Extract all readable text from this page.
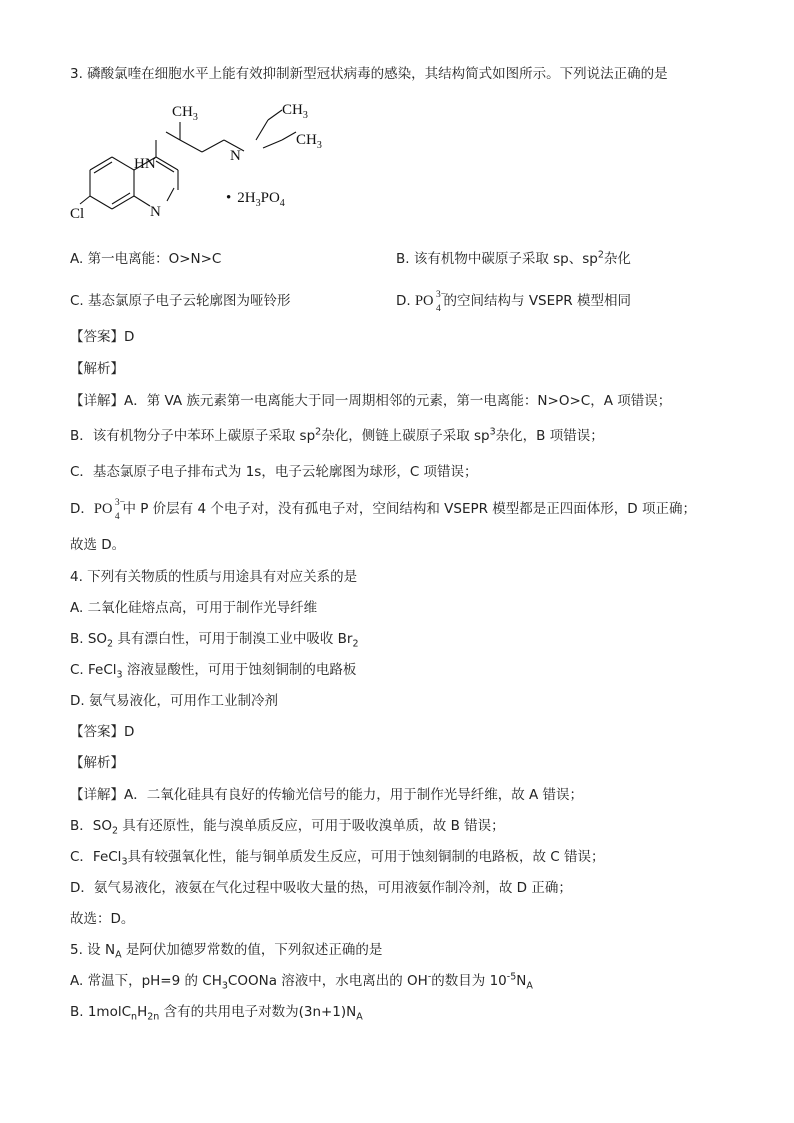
3. 磷酸氯喹在细胞水平上能有效抑制新型冠状病毒的感染，其结构简式如图所示。下列说法正确的是
N
$CH_3$	$CH_3$
$CH_3$
HN
N
Cl
• $2H_3PO_4$
A. 第一电离能：O>N>C	B. 该有机物中碳原子采取 sp、$sp^2$杂化
C. 基态氯原子电子云轮廓图为哑铃形	D. PO 3−
4 的空间结构与 VSEPR 模型相同
【答案】D
【解析】
【详解】A．第 VA 族元素第一电离能大于同一周期相邻的元素，第一电离能：N>O>C，A 项错误；
B．该有机物分子中苯环上碳原子采取 $sp^2$杂化，侧链上碳原子采取 $sp^3$杂化，B 项错误；
C．基态氯原子电子排布式为 1s，电子云轮廓图为球形，C 项错误；
D．PO 3−
4 中 P 价层有 4 个电子对，没有孤电子对，空间结构和 VSEPR 模型都是正四面体形，D 项正确；
故选 D。
4. 下列有关物质的性质与用途具有对应关系的是
A. 二氧化硅熔点高，可用于制作光导纤维
B. $SO_2$ 具有漂白性，可用于制溴工业中吸收 $Br_2$
C. FeCl$_3$ 溶液显酸性，可用于蚀刻铜制的电路板
D. 氨气易液化，可用作工业制冷剂
【答案】D
【解析】
【详解】A．二氧化硅具有良好的传输光信号的能力，用于制作光导纤维，故 A 错误；
B．$SO_2$ 具有还原性，能与溴单质反应，可用于吸收溴单质，故 B 错误；
C．FeCl$_3$具有较强氧化性，能与铜单质发生反应，可用于蚀刻铜制的电路板，故 C 错误；
D．氨气易液化，液氨在气化过程中吸收大量的热，可用液氨作制冷剂，故 D 正确；
故选：D。
5. 设 $N_A$ 是阿伏加德罗常数的值，下列叙述正确的是
A. 常温下，pH=9 的 $CH_3COONa$ 溶液中，水电离出的 OH-的数目为 $10^{-5}N_A$
B. $1molC_nH_{2n}$ 含有的共用电子对数为$(3n+1)N_A$
